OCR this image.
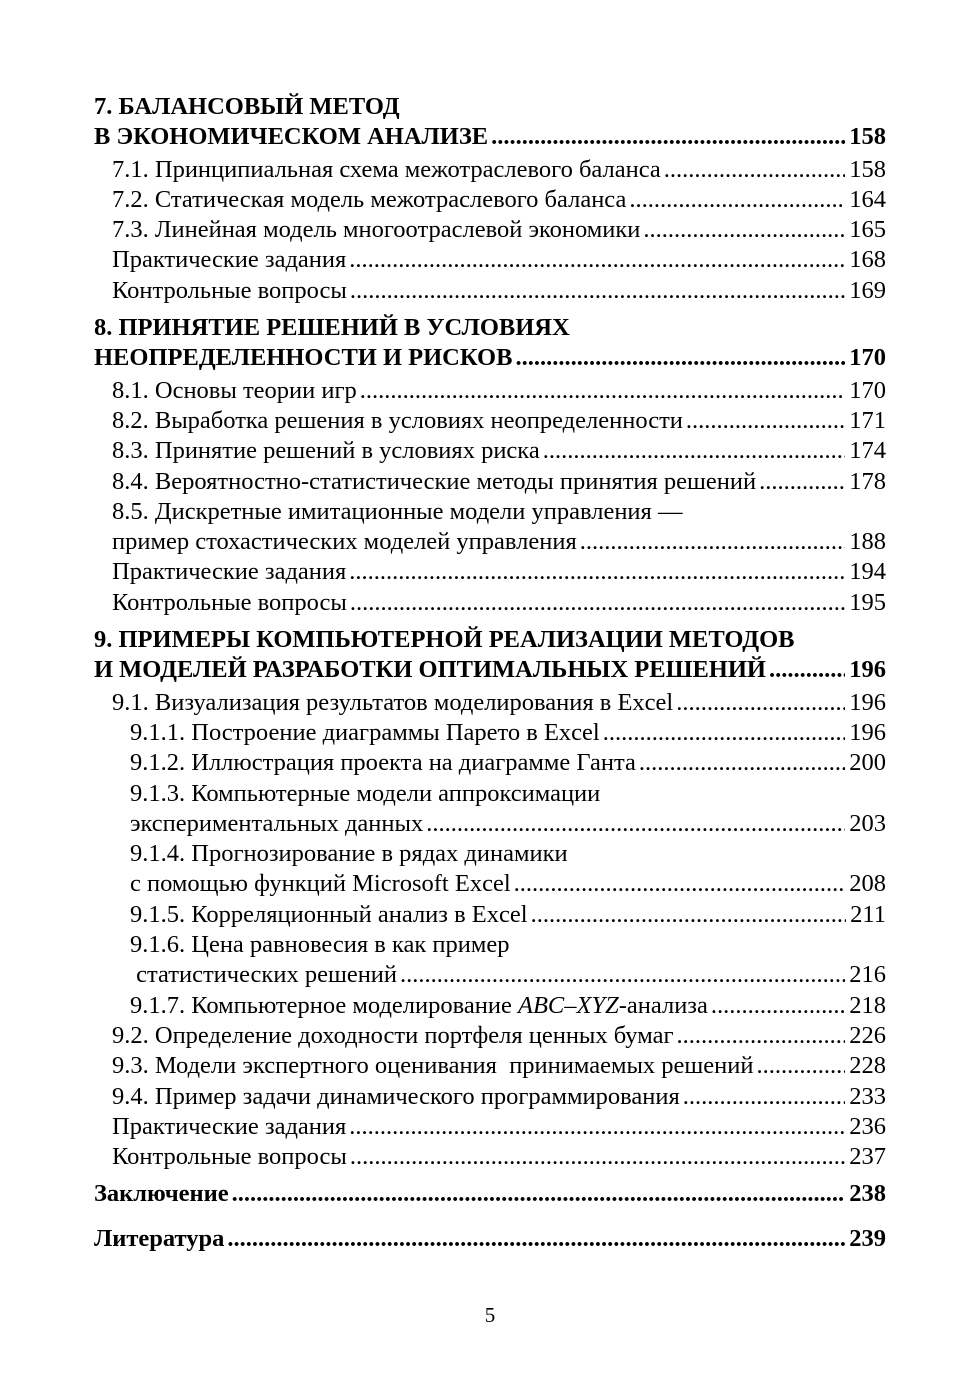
7. БАЛАНСОВЫЙ МЕТОД
В ЭКОНОМИЧЕСКОМ АНАЛИЗЕ .....	158
7.1. Принципиальная схема межотраслевого баланса .....	158
7.2. Статическая модель межотраслевого баланса .....	164
7.3. Линейная модель многоотраслевой экономики .....	165
Практические задания .....	168
Контрольные вопросы .....	169
8. ПРИНЯТИЕ РЕШЕНИЙ В УСЛОВИЯХ
НЕОПРЕДЕЛЕННОСТИ И РИСКОВ .....	170
8.1. Основы теории игр .....	170
8.2. Выработка решения в условиях неопределенности .....	171
8.3. Принятие решений в условиях риска .....	174
8.4. Вероятностно-статистические методы принятия решений .....	178
8.5. Дискретные имитационные модели управления —
пример стохастических моделей управления .....	188
Практические задания .....	194
Контрольные вопросы .....	195
9. ПРИМЕРЫ КОМПЬЮТЕРНОЙ РЕАЛИЗАЦИИ МЕТОДОВ
И МОДЕЛЕЙ РАЗРАБОТКИ ОПТИМАЛЬНЫХ РЕШЕНИЙ .....	196
9.1. Визуализация результатов моделирования в Excel .....	196
9.1.1. Построение диаграммы Парето в Excel .....	196
9.1.2. Иллюстрация проекта на диаграмме Ганта .....	200
9.1.3. Компьютерные модели аппроксимации
экспериментальных данных .....	203
9.1.4. Прогнозирование в рядах динамики
с помощью функций Microsoft Excel .....	208
9.1.5. Корреляционный анализ в Excel .....	211
9.1.6. Цена равновесия в как пример
статистических решений .....	216
9.1.7. Компьютерное моделирование ABC–XYZ-анализа .....	218
9.2. Определение доходности портфеля ценных бумаг .....	226
9.3. Модели экспертного оценивания  принимаемых решений .....	228
9.4. Пример задачи динамического программирования .....	233
Практические задания .....	236
Контрольные вопросы .....	237
Заключение .....	238
Литература .....	239
5
